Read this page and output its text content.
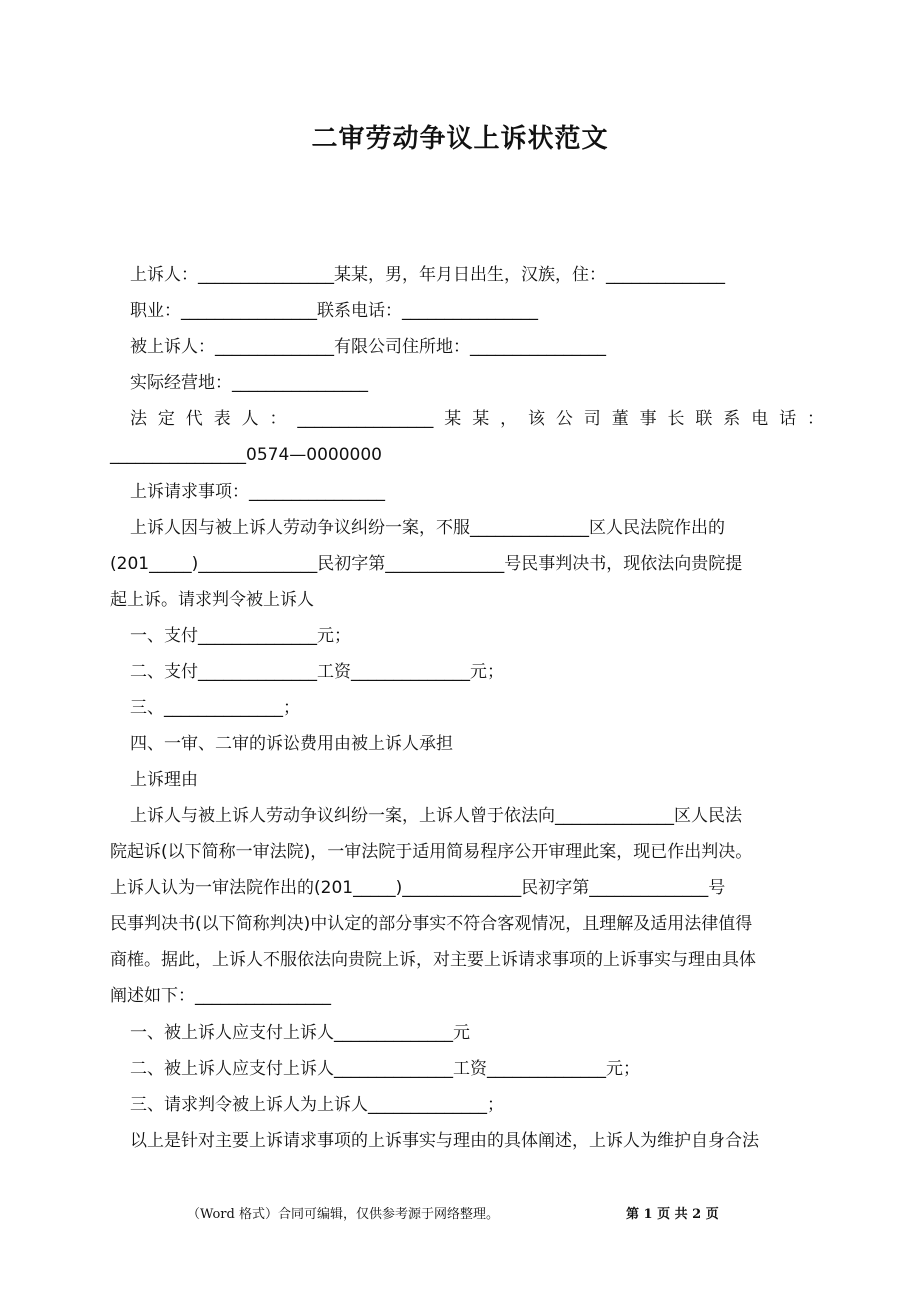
二审劳动争议上诉状范文
上诉人：________________某某，男，年月日出生，汉族，住：______________
职业：________________联系电话：________________
被上诉人：______________有限公司住所地：________________
实际经营地：________________
法定代表人：________________某某，该公司董事长联系电话：
________________0574—0000000
上诉请求事项：________________
上诉人因与被上诉人劳动争议纠纷一案，不服______________区人民法院作出的
(201_____)______________民初字第______________号民事判决书，现依法向贵院提
起上诉。请求判令被上诉人
一、支付______________元；
二、支付______________工资______________元；
三、______________；
四、一审、二审的诉讼费用由被上诉人承担
上诉理由
上诉人与被上诉人劳动争议纠纷一案，上诉人曾于依法向______________区人民法
院起诉(以下简称一审法院)，一审法院于适用简易程序公开审理此案，现已作出判决。
上诉人认为一审法院作出的(201_____)______________民初字第______________号
民事判决书(以下简称判决)中认定的部分事实不符合客观情况，且理解及适用法律值得
商榷。据此，上诉人不服依法向贵院上诉，对主要上诉请求事项的上诉事实与理由具体
阐述如下：________________
一、被上诉人应支付上诉人______________元
二、被上诉人应支付上诉人______________工资______________元；
三、请求判令被上诉人为上诉人______________；
以上是针对主要上诉请求事项的上诉事实与理由的具体阐述，上诉人为维护自身合法
（Word 格式）合同可编辑，仅供参考源于网络整理。	第 1 页 共 2 页
